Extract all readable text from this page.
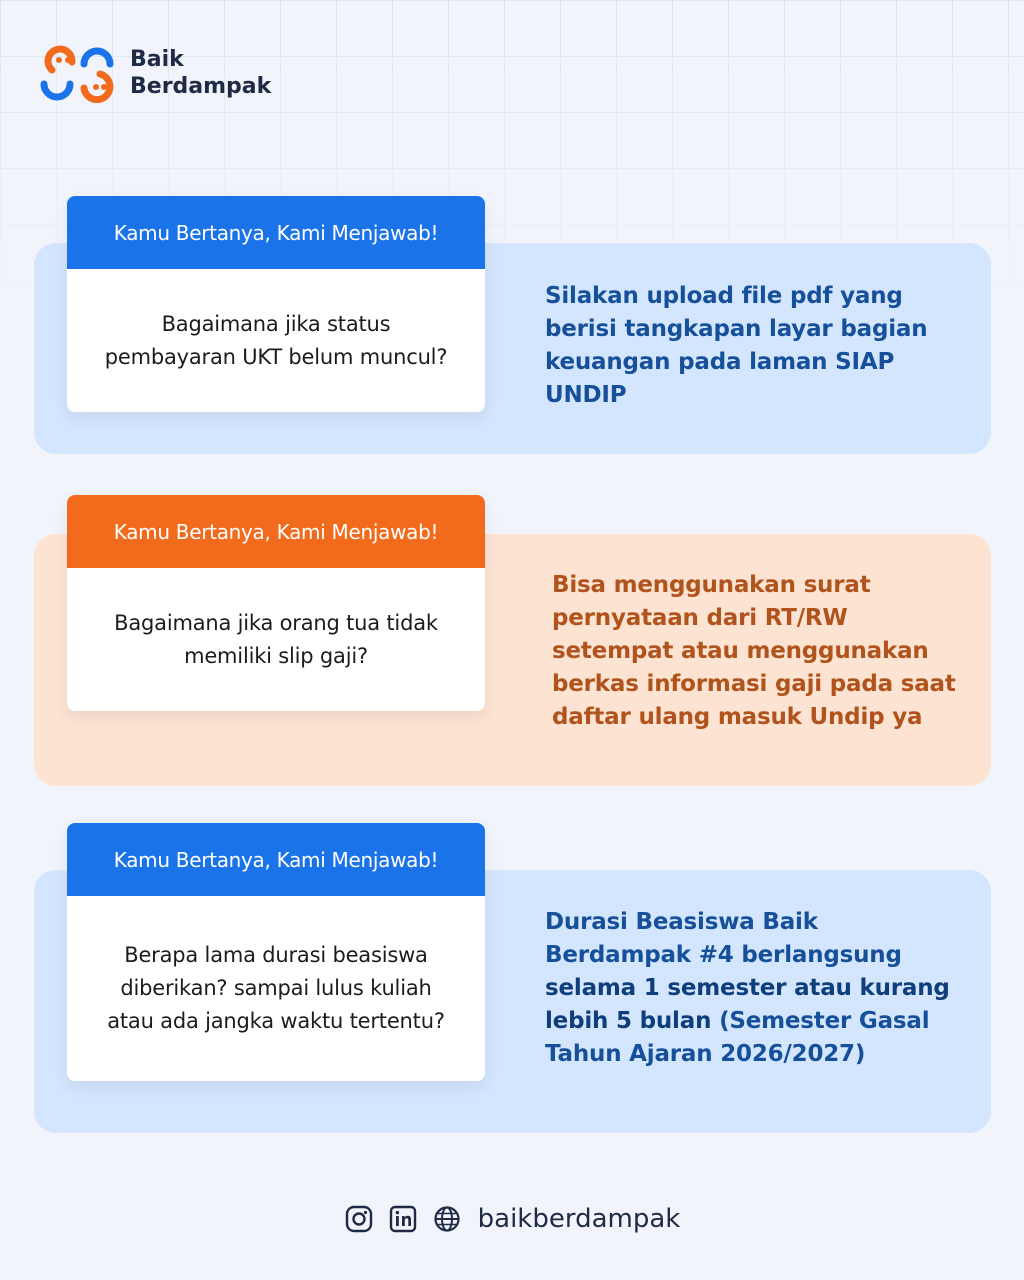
Baik
Berdampak
Kamu Bertanya, Kami Menjawab!
Bagaimana jika status pembayaran UKT belum muncul?
Silakan upload file pdf yang berisi tangkapan layar bagian keuangan pada laman SIAP UNDIP
Kamu Bertanya, Kami Menjawab!
Bagaimana jika orang tua tidak memiliki slip gaji?
Bisa menggunakan surat pernyataan dari RT/RW setempat atau menggunakan berkas informasi gaji pada saat daftar ulang masuk Undip ya
Kamu Bertanya, Kami Menjawab!
Berapa lama durasi beasiswa diberikan? sampai lulus kuliah atau ada jangka waktu tertentu?
Durasi Beasiswa Baik Berdampak #4 berlangsung selama 1 semester atau kurang lebih 5 bulan (Semester Gasal Tahun Ajaran 2026/2027)
baikberdampak
